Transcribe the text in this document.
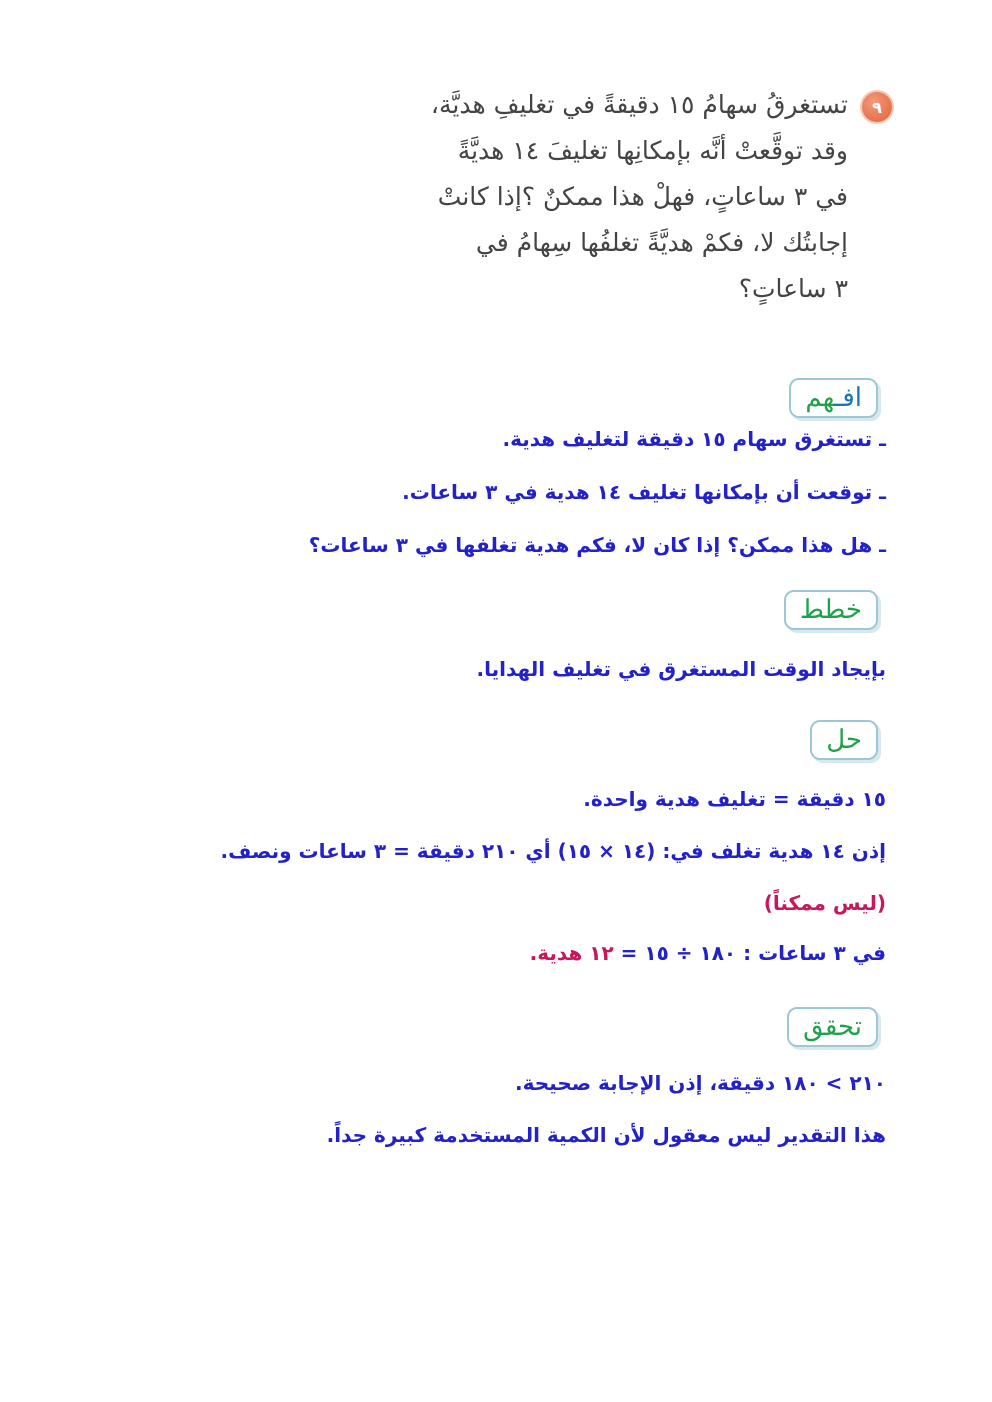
٩
تستغرقُ سهامُ ١٥ دقيقةً في تغليفِ هديَّة،
وقد توقَّعتْ أنَّه بإمكانِها تغليفَ ١٤ هديَّةً
في ٣ ساعاتٍ، فهلْ هذا ممكنٌ ؟إذا كانتْ
إجابتُك لا، فكمْ هديَّةً تغلفُها سِهامُ في
٣ ساعاتٍ؟
افـهم
ـ تستغرق سهام ١٥ دقيقة لتغليف هدية.
ـ توقعت أن بإمكانها تغليف ١٤ هدية في ٣ ساعات.
ـ هل هذا ممكن؟ إذا كان لا، فكم هدية تغلفها في ٣ ساعات؟
خطط
بإيجاد الوقت المستغرق في تغليف الهدايا.
حل
١٥ دقيقة = تغليف هدية واحدة.
إذن ١٤ هدية تغلف في: (١٤ × ١٥) أي ٢١٠ دقيقة = ٣ ساعات ونصف.
(ليس ممكناً)
في ٣ ساعات : ١٨٠ ÷ ١٥ = ١٢ هدية.
تحقق
٢١٠ > ١٨٠ دقيقة، إذن الإجابة صحيحة.
هذا التقدير ليس معقول لأن الكمية المستخدمة كبيرة جداً.
